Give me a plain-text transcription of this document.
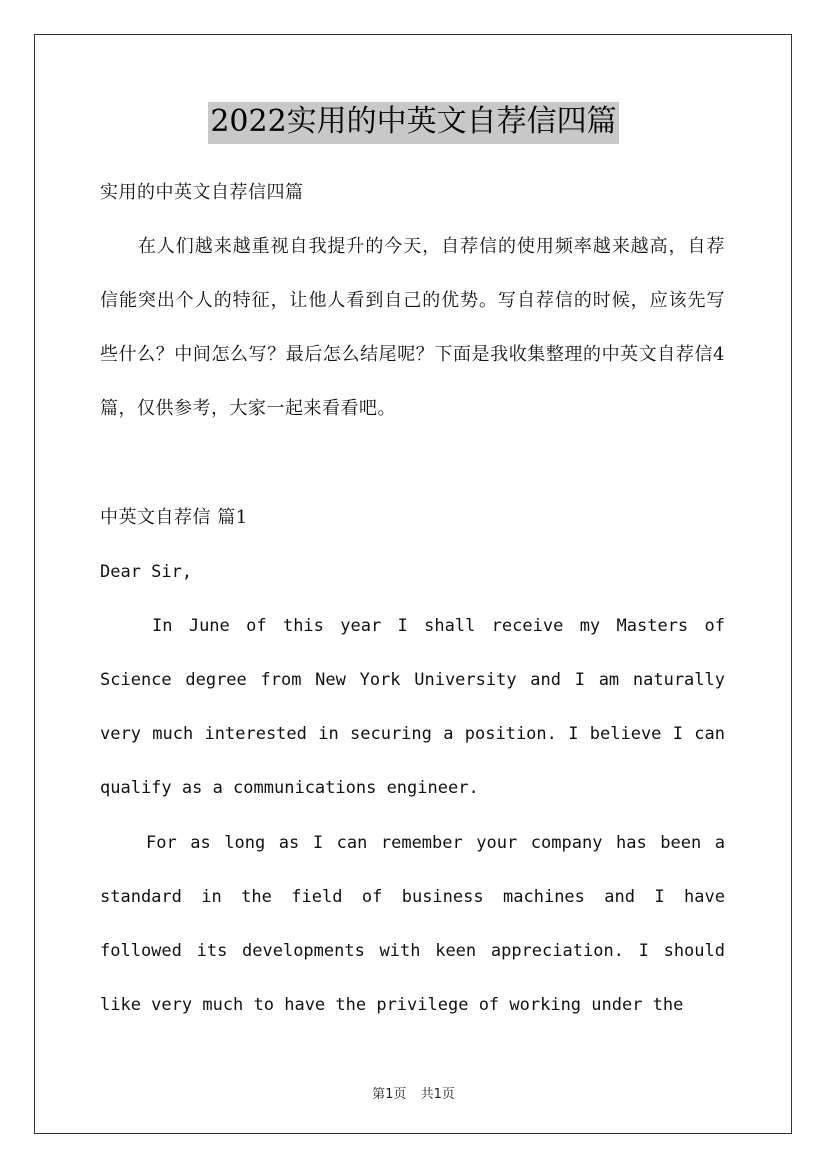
2022实用的中英文自荐信四篇
实用的中英文自荐信四篇
　　在人们越来越重视自我提升的今天，自荐信的使用频率越来越高，自荐信能突出个人的特征，让他人看到自己的优势。写自荐信的时候，应该先写些什么？中间怎么写？最后怎么结尾呢？下面是我收集整理的中英文自荐信4篇，仅供参考，大家一起来看看吧。
中英文自荐信 篇1
Dear Sir,
In June of this year I shall receive my Masters of Science degree from New York University and I am naturally very much interested in securing a position. I believe I can qualify as a communications engineer.
For as long as I can remember your company has been a standard in the field of business machines and I have followed its developments with keen appreciation. I should like very much to have the privilege of working under the
第1页 共1页
